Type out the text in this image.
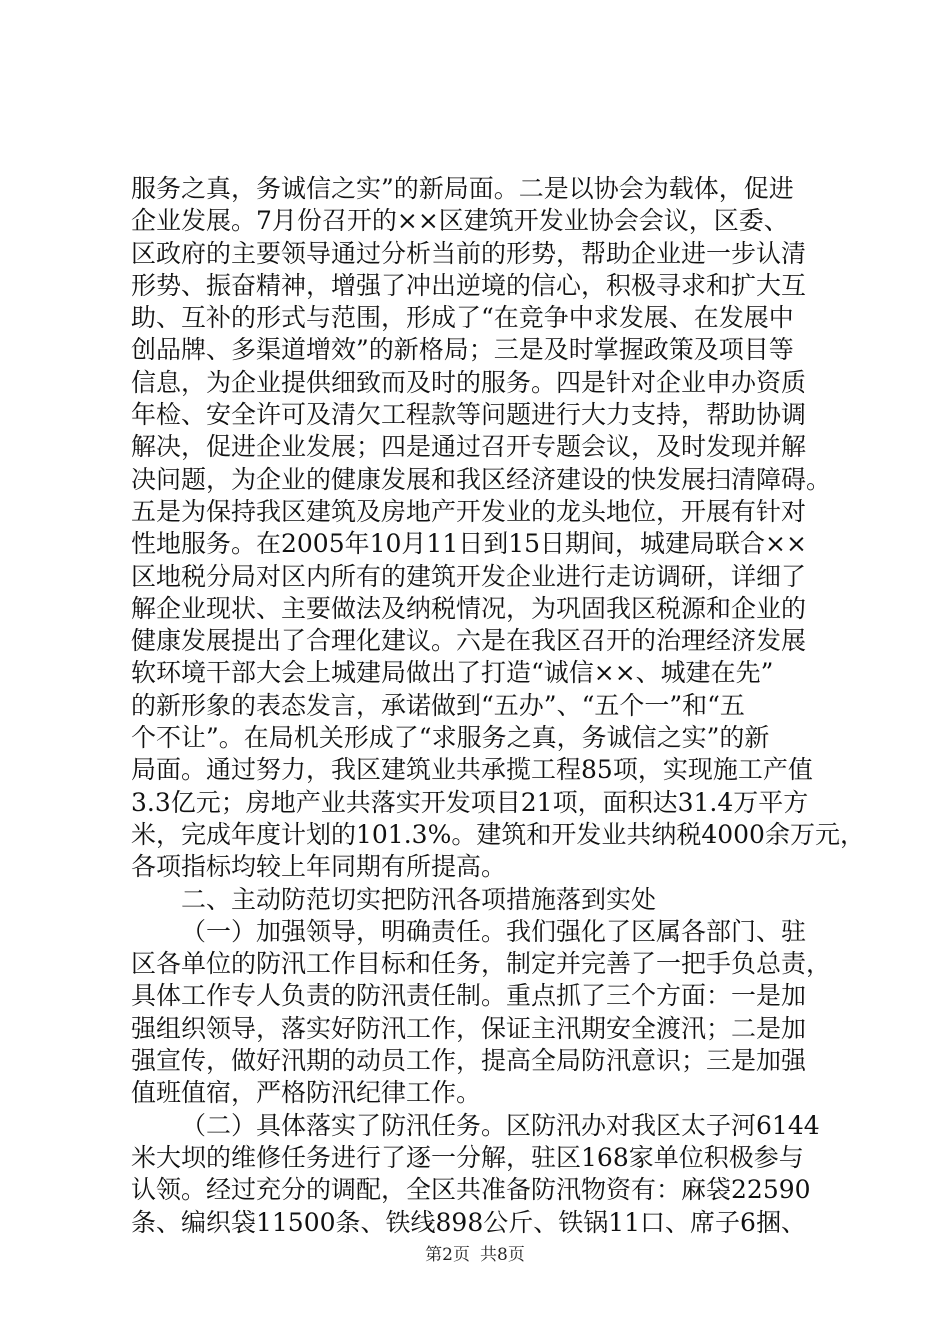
服务之真，务诚信之实”的新局面。二是以协会为载体，促进
企业发展。7月份召开的××区建筑开发业协会会议，区委、
区政府的主要领导通过分析当前的形势，帮助企业进一步认清
形势、振奋精神，增强了冲出逆境的信心，积极寻求和扩大互
助、互补的形式与范围，形成了“在竞争中求发展、在发展中
创品牌、多渠道增效”的新格局；三是及时掌握政策及项目等
信息，为企业提供细致而及时的服务。四是针对企业申办资质
年检、安全许可及清欠工程款等问题进行大力支持，帮助协调
解决，促进企业发展；四是通过召开专题会议，及时发现并解
决问题，为企业的健康发展和我区经济建设的快发展扫清障碍。
五是为保持我区建筑及房地产开发业的龙头地位，开展有针对
性地服务。在2005年10月11日到15日期间，城建局联合××
区地税分局对区内所有的建筑开发企业进行走访调研，详细了
解企业现状、主要做法及纳税情况，为巩固我区税源和企业的
健康发展提出了合理化建议。六是在我区召开的治理经济发展
软环境干部大会上城建局做出了打造“诚信××、城建在先”
的新形象的表态发言，承诺做到“五办”、“五个一”和“五
个不让”。在局机关形成了“求服务之真，务诚信之实”的新
局面。通过努力，我区建筑业共承揽工程85项，实现施工产值
3.3亿元；房地产业共落实开发项目21项，面积达31.4万平方
米，完成年度计划的101.3%。建筑和开发业共纳税4000余万元，
各项指标均较上年同期有所提高。
二、主动防范切实把防汛各项措施落到实处
（一）加强领导，明确责任。我们强化了区属各部门、驻
区各单位的防汛工作目标和任务，制定并完善了一把手负总责，
具体工作专人负责的防汛责任制。重点抓了三个方面：一是加
强组织领导，落实好防汛工作，保证主汛期安全渡汛；二是加
强宣传，做好汛期的动员工作，提高全局防汛意识；三是加强
值班值宿，严格防汛纪律工作。
（二）具体落实了防汛任务。区防汛办对我区太子河6144
米大坝的维修任务进行了逐一分解，驻区168家单位积极参与
认领。经过充分的调配，全区共准备防汛物资有：麻袋22590
条、编织袋11500条、铁线898公斤、铁锅11口、席子6捆、
第2页 共8页
